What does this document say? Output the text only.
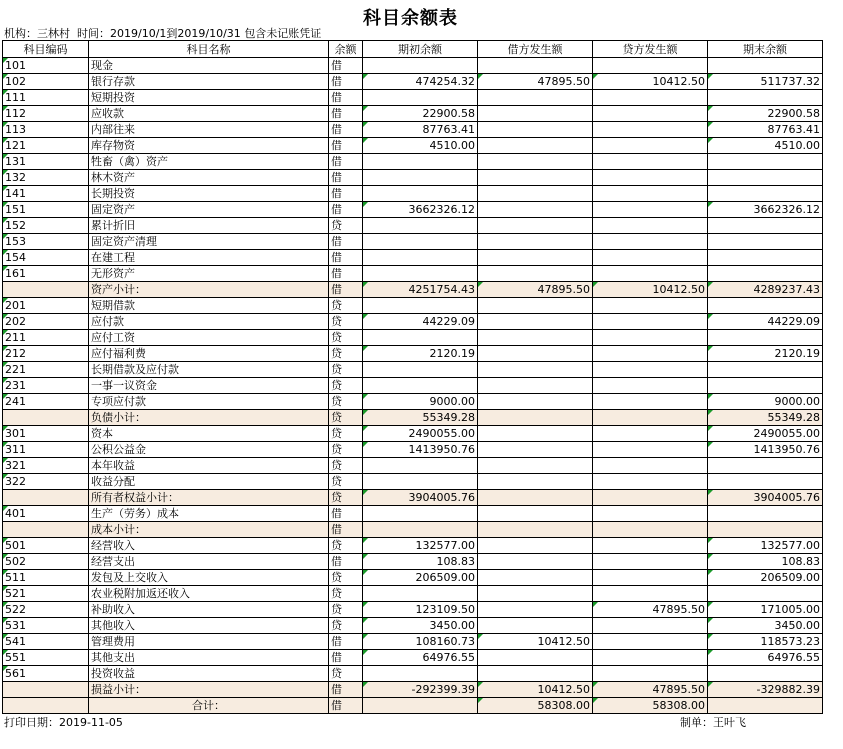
科目余额表
机构：三林村 时间：2019/10/1到2019/10/31 包含未记账凭证
科目编码	科目名称	余额	期初余额	借方发生额	贷方发生额	期末余额
101	现金	借				
102	银行存款	借	474254.32	47895.50	10412.50	511737.32
111	短期投资	借				
112	应收款	借	22900.58			22900.58
113	内部往来	借	87763.41			87763.41
121	库存物资	借	4510.00			4510.00
131	牲畜（禽）资产	借				
132	林木资产	借				
141	长期投资	借				
151	固定资产	借	3662326.12			3662326.12
152	累计折旧	贷				
153	固定资产清理	借				
154	在建工程	借				
161	无形资产	借				
	资产小计：	借	4251754.43	47895.50	10412.50	4289237.43
201	短期借款	贷				
202	应付款	贷	44229.09			44229.09
211	应付工资	贷				
212	应付福利费	贷	2120.19			2120.19
221	长期借款及应付款	贷				
231	一事一议资金	贷				
241	专项应付款	贷	9000.00			9000.00
	负债小计：	贷	55349.28			55349.28
301	资本	贷	2490055.00			2490055.00
311	公积公益金	贷	1413950.76			1413950.76
321	本年收益	贷				
322	收益分配	贷				
	所有者权益小计：	贷	3904005.76			3904005.76
401	生产（劳务）成本	借				
	成本小计：	借				
501	经营收入	贷	132577.00			132577.00
502	经营支出	借	108.83			108.83
511	发包及上交收入	贷	206509.00			206509.00
521	农业税附加返还收入	贷				
522	补助收入	贷	123109.50		47895.50	171005.00
531	其他收入	贷	3450.00			3450.00
541	管理费用	借	108160.73	10412.50		118573.23
551	其他支出	借	64976.55			64976.55
561	投资收益	贷				
	损益小计：	借	-292399.39	10412.50	47895.50	-329882.39
	合计：	借		58308.00	58308.00	
打印日期：2019-11-05	制单：王叶飞
